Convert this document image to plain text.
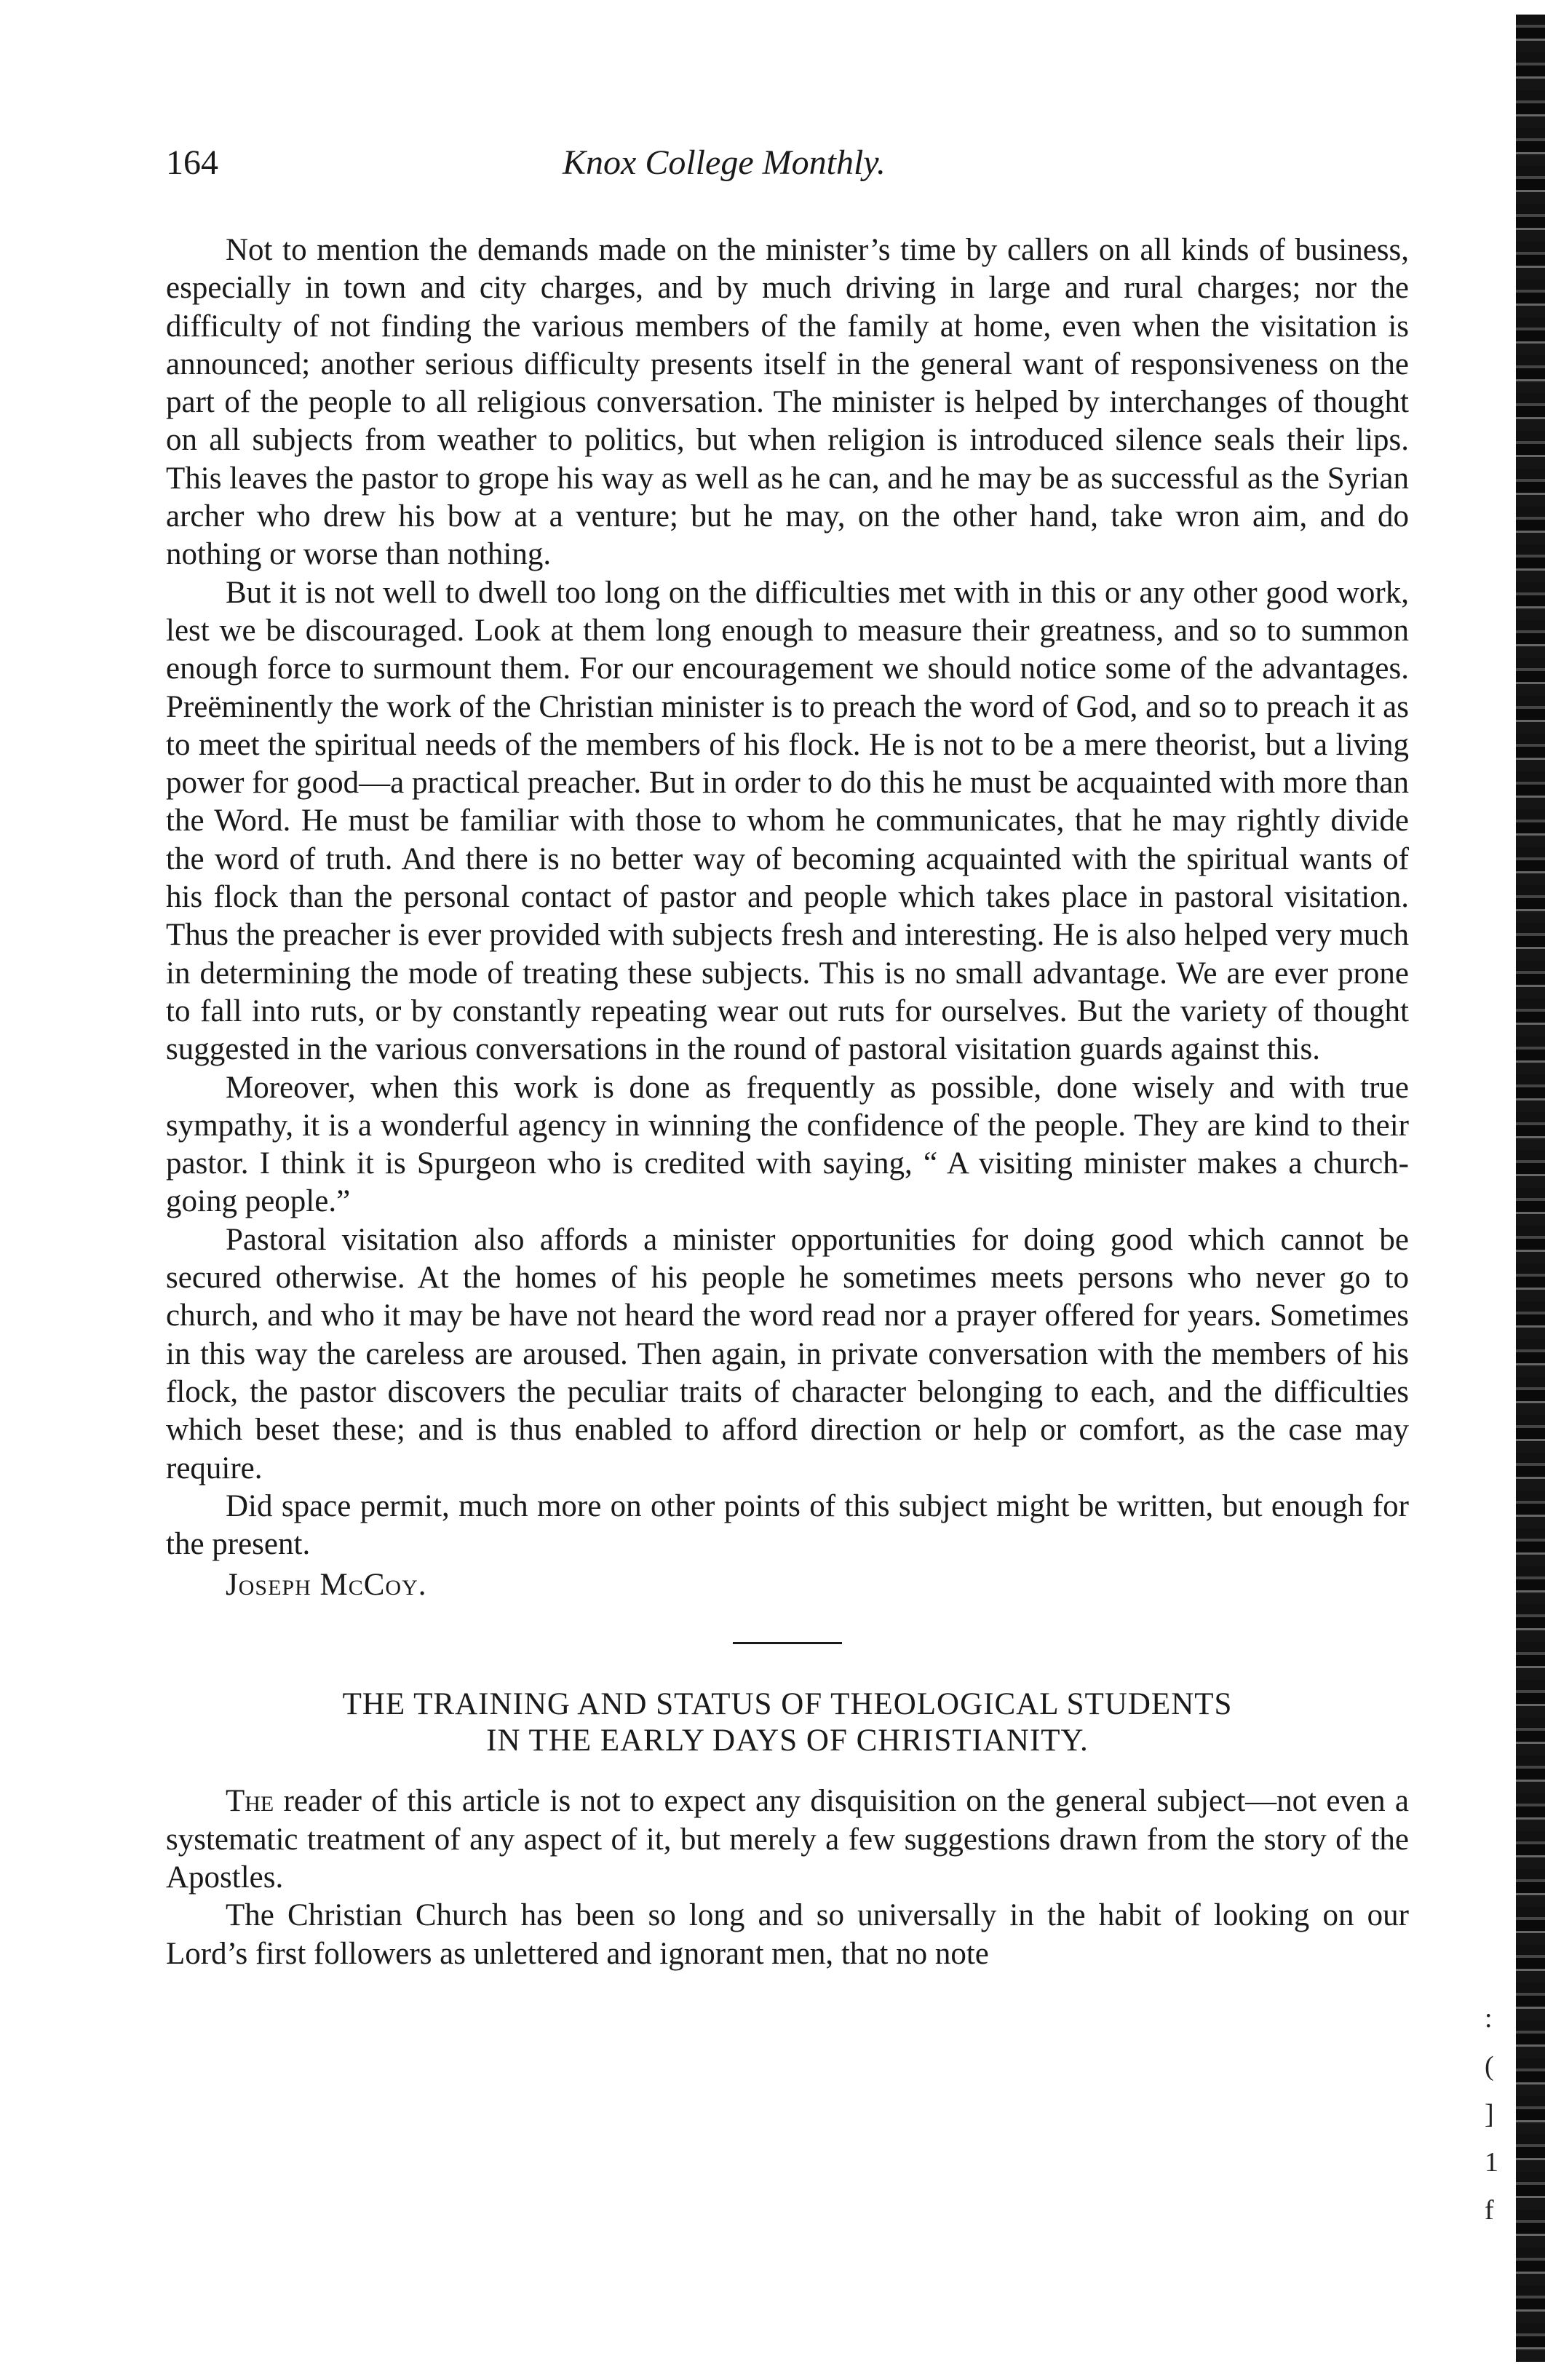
164	Knox College Monthly.

Not to mention the demands made on the minister’s time by callers on all kinds of business, especially in town and city charges, and by much driving in large and rural charges; nor the difficulty of not finding the various members of the family at home, even when the visitation is announced; another serious difficulty presents itself in the general want of responsiveness on the part of the people to all religious conversation. The minister is helped by interchanges of thought on all subjects from weather to politics, but when religion is introduced silence seals their lips. This leaves the pastor to grope his way as well as he can, and he may be as successful as the Syrian archer who drew his bow at a venture; but he may, on the other hand, take wron aim, and do nothing or worse than nothing.

But it is not well to dwell too long on the difficulties met with in this or any other good work, lest we be discouraged. Look at them long enough to measure their greatness, and so to summon enough force to surmount them. For our encouragement we should notice some of the advantages. Preëminently the work of the Christian minister is to preach the word of God, and so to preach it as to meet the spiritual needs of the members of his flock. He is not to be a mere theorist, but a living power for good—a practical preacher. But in order to do this he must be acquainted with more than the Word. He must be familiar with those to whom he communicates, that he may rightly divide the word of truth. And there is no better way of becoming acquainted with the spiritual wants of his flock than the personal contact of pastor and people which takes place in pastoral visitation. Thus the preacher is ever provided with subjects fresh and interesting. He is also helped very much in determining the mode of treating these subjects. This is no small advantage. We are ever prone to fall into ruts, or by constantly repeating wear out ruts for ourselves. But the variety of thought suggested in the various conversations in the round of pastoral visitation guards against this.

Moreover, when this work is done as frequently as possible, done wisely and with true sympathy, it is a wonderful agency in winning the confidence of the people. They are kind to their pastor. I think it is Spurgeon who is credited with saying, “ A visiting minister makes a church-going people.”

Pastoral visitation also affords a minister opportunities for doing good which cannot be secured otherwise. At the homes of his people he sometimes meets persons who never go to church, and who it may be have not heard the word read nor a prayer offered for years. Sometimes in this way the careless are aroused. Then again, in private conversation with the members of his flock, the pastor discovers the peculiar traits of character belonging to each, and the difficulties which beset these; and is thus enabled to afford direction or help or comfort, as the case may require.

Did space permit, much more on other points of this subject might be written, but enough for the present.

Joseph McCoy.

THE TRAINING AND STATUS OF THEOLOGICAL STUDENTS
IN THE EARLY DAYS OF CHRISTIANITY.

The reader of this article is not to expect any disquisition on the general subject—not even a systematic treatment of any aspect of it, but merely a few suggestions drawn from the story of the Apostles.

The Christian Church has been so long and so universally in the habit of looking on our Lord’s first followers as unlettered and ignorant men, that no note

:
(
]
1
f
